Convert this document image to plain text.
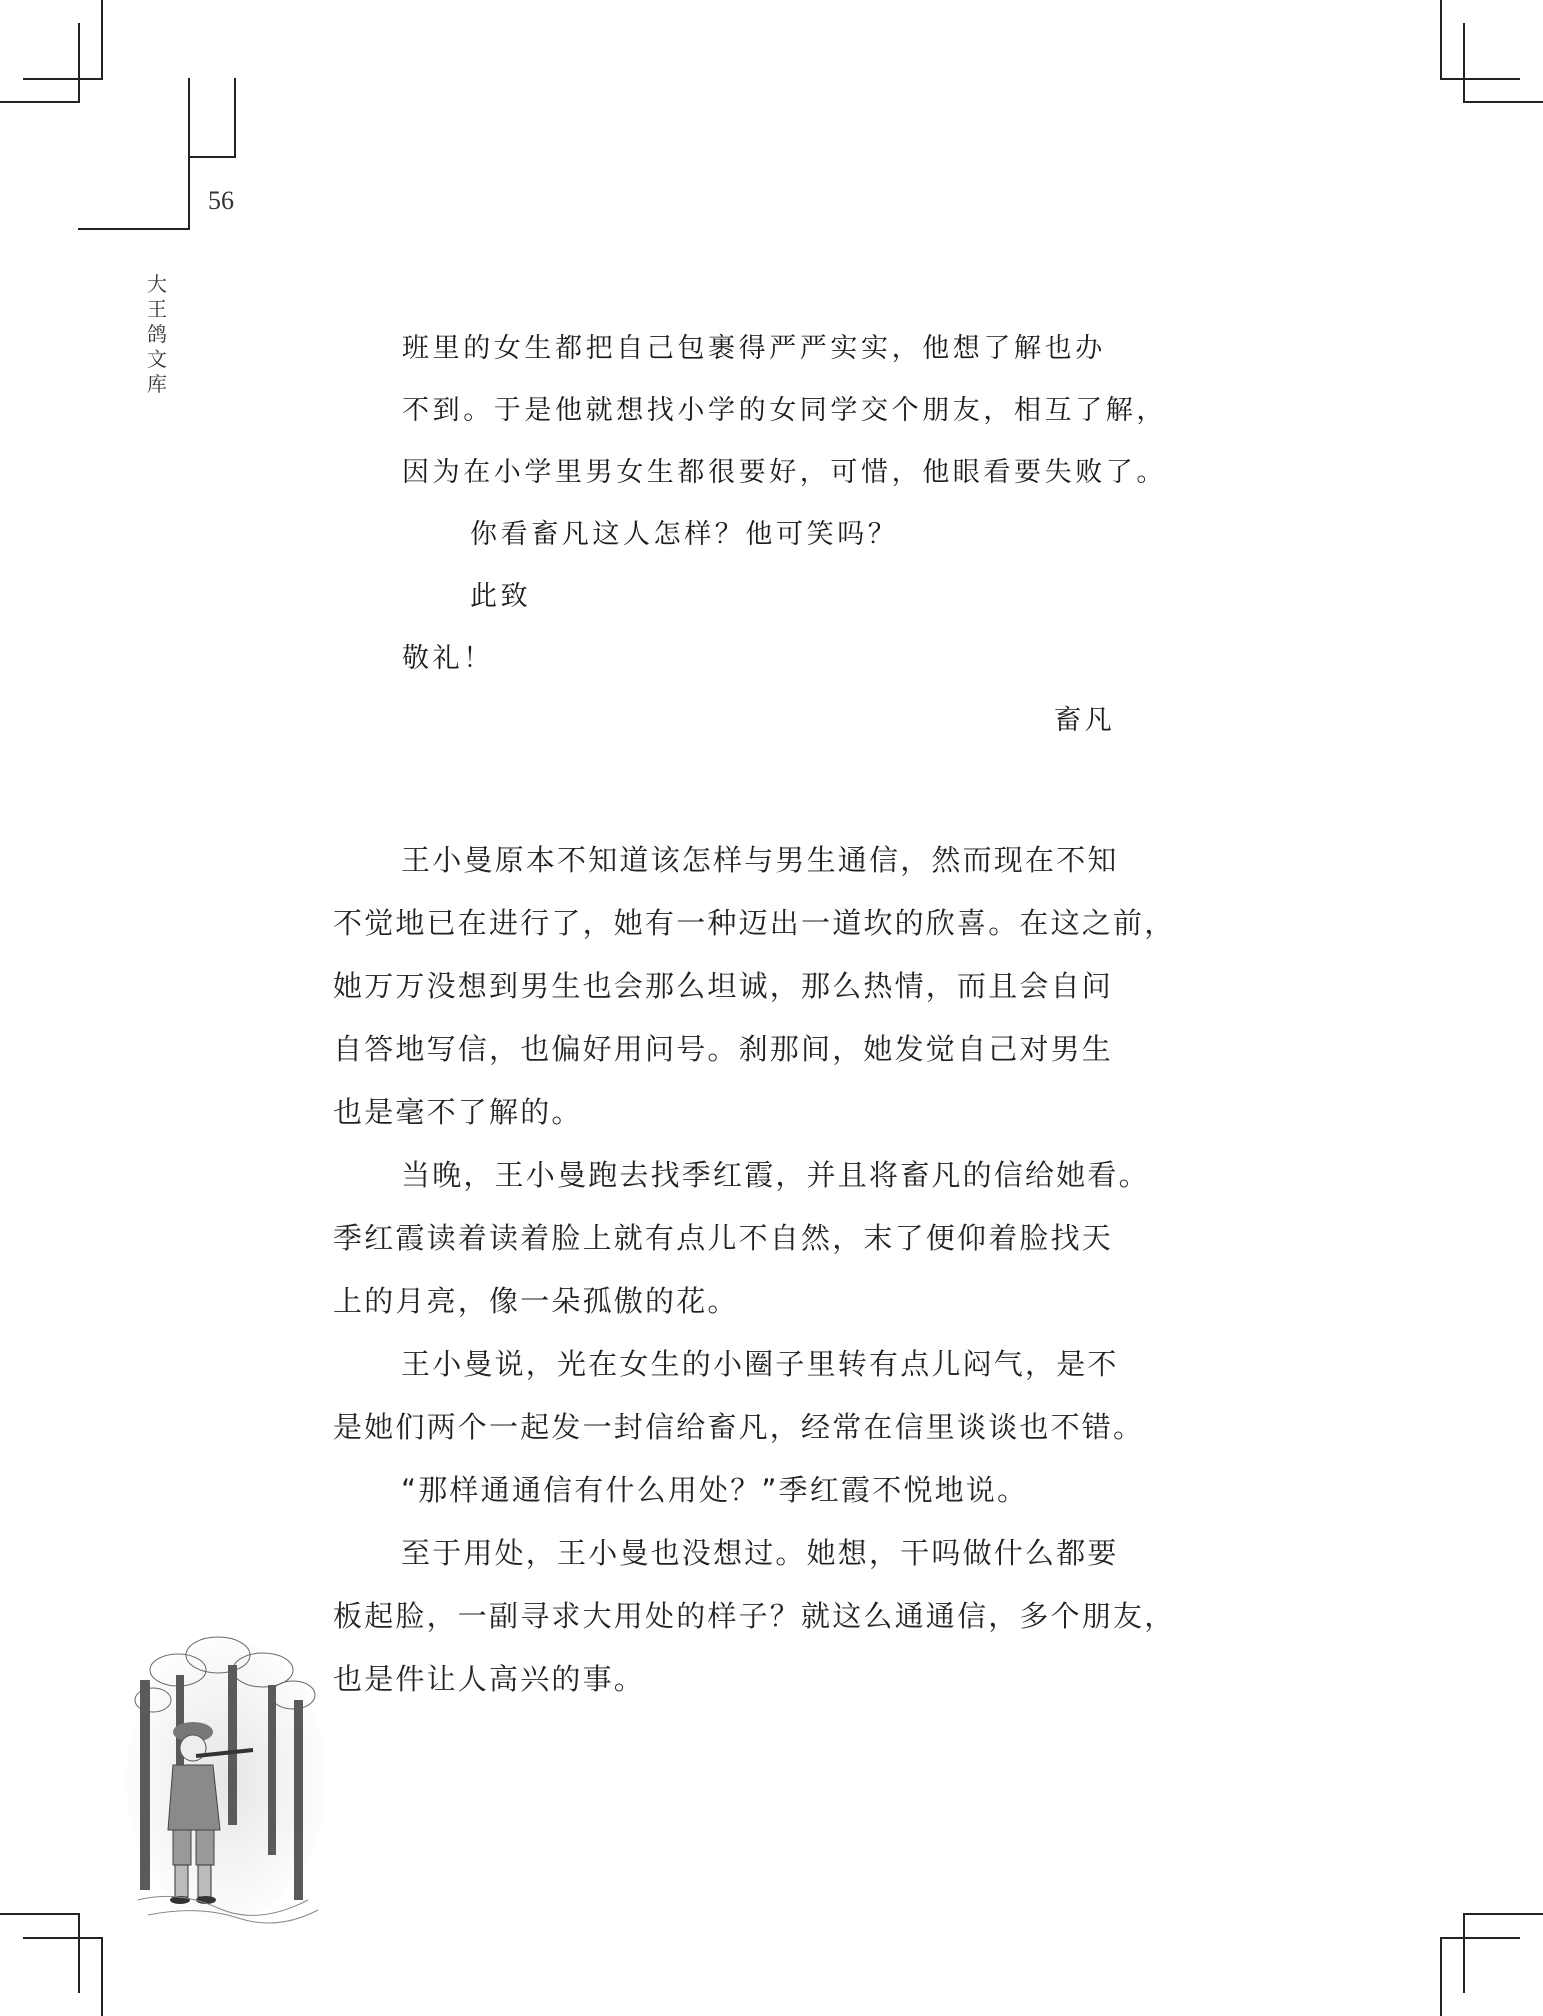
56
大
王
鸽
文
库
班里的女生都把自己包裹得严严实实，他想了解也办
不到。于是他就想找小学的女同学交个朋友，相互了解，
因为在小学里男女生都很要好，可惜，他眼看要失败了。
你看畜凡这人怎样？他可笑吗？
此致
敬礼！
畜凡
王小曼原本不知道该怎样与男生通信，然而现在不知
不觉地已在进行了，她有一种迈出一道坎的欣喜。在这之前，
她万万没想到男生也会那么坦诚，那么热情，而且会自问
自答地写信，也偏好用问号。刹那间，她发觉自己对男生
也是毫不了解的。
当晚，王小曼跑去找季红霞，并且将畜凡的信给她看。
季红霞读着读着脸上就有点儿不自然，末了便仰着脸找天
上的月亮，像一朵孤傲的花。
王小曼说，光在女生的小圈子里转有点儿闷气，是不
是她们两个一起发一封信给畜凡，经常在信里谈谈也不错。
“那样通通信有什么用处？”季红霞不悦地说。
至于用处，王小曼也没想过。她想，干吗做什么都要
板起脸，一副寻求大用处的样子？就这么通通信，多个朋友，
也是件让人高兴的事。
